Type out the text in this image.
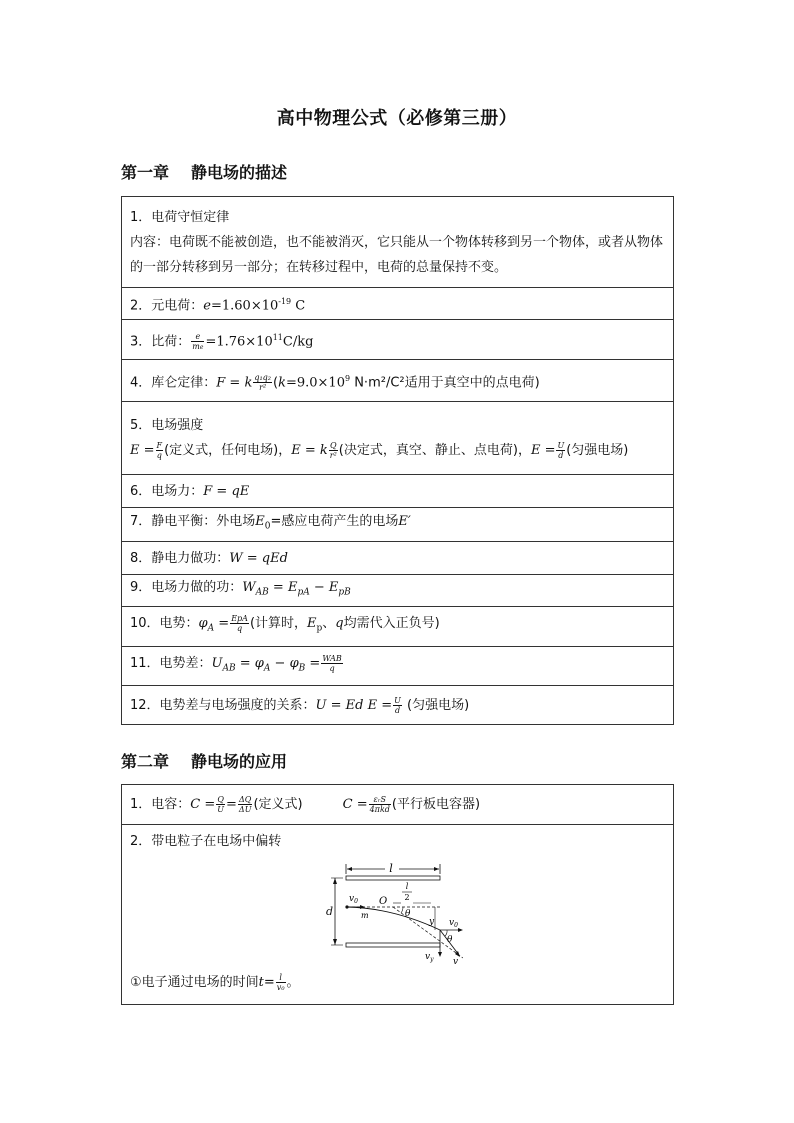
高中物理公式（必修第三册）
第一章 静电场的描述
1．电荷守恒定律
内容：电荷既不能被创造，也不能被消灭，它只能从一个物体转移到另一个物体，或者从物体的一部分转移到另一部分；在转移过程中，电荷的总量保持不变。

2．元电荷：$e=1.60\times 10^{-19}$ C
3．比荷： $\frac{e}{me} =1.76\times 10^{11}C/kg$
4．库仑定律：F = k $\frac{\text{q₁q₂}}{\text{r²}} (k=9.0\times 10^9$ N·m²/C²适用于真空中的点电荷)

5．电场强度
$E = \frac{F}{q}$ (定义式，任何电场)，E = k $\frac{Q}{\text{r²}}$ (决定式，真空、静止、点电荷)，$E = \frac{U}{d}$ (匀强电场)

6．电场力：F = qE
7．静电平衡：外电场$E_0=$感应电荷产生的电场E′
8．静电力做功：W = qEd
9．电场力做的功：$W_{AB} = E_{pA} - E_{pB}$
10．电势：$\varphi_A = \frac{\text{EpA}}{q}$ (计算时，$E_p$、q均需代入正负号)
11．电势差：$U_{AB} = \varphi_A - \varphi_B = \frac{\text{WAB}}{q}$

12．电势差与电场强度的关系：U = Ed $E = \frac{U}{d}$ (匀强电场)
第二章 静电场的应用
1．电容：$C = \frac{Q}{U} = \frac{\Delta Q}{\Delta U}$ (定义式)	$C = \frac{\text{εᵣS}}{\text{4πkd}}$ (平行板电容器)

2．带电粒子在电场中偏转
l
d
$v_0$
m
O
l
2
θ
y $v_0$
θ
$v_y$ v
①电子通过电场的时间$t= \frac{l}{\text{v₀}}$ 。
